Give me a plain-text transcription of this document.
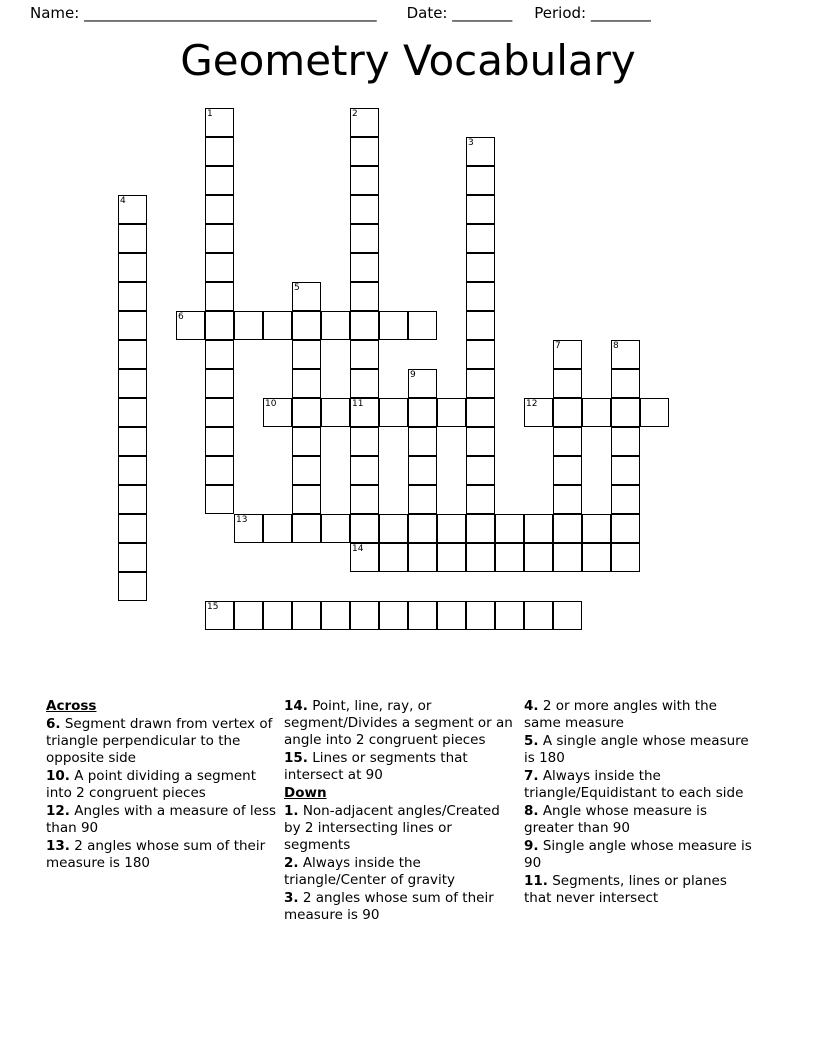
Name: _______________________________________ Date: ________ Period: ________
Geometry Vocabulary
1	2
3
4
5
6
7	8
9
10	11	12
13
14
15
Across
6. Segment drawn from vertex of triangle perpendicular to the opposite side
10. A point dividing a segment into 2 congruent pieces
12. Angles with a measure of less than 90
13. 2 angles whose sum of their measure is 180
14. Point, line, ray, or segment/Divides a segment or an angle into 2 congruent pieces
15. Lines or segments that intersect at 90
Down
1. Non-adjacent angles/Created by 2 intersecting lines or segments
2. Always inside the triangle/Center of gravity
3. 2 angles whose sum of their measure is 90
4. 2 or more angles with the same measure
5. A single angle whose measure is 180
7. Always inside the triangle/Equidistant to each side
8. Angle whose measure is greater than 90
9. Single angle whose measure is 90
11. Segments, lines or planes that never intersect
